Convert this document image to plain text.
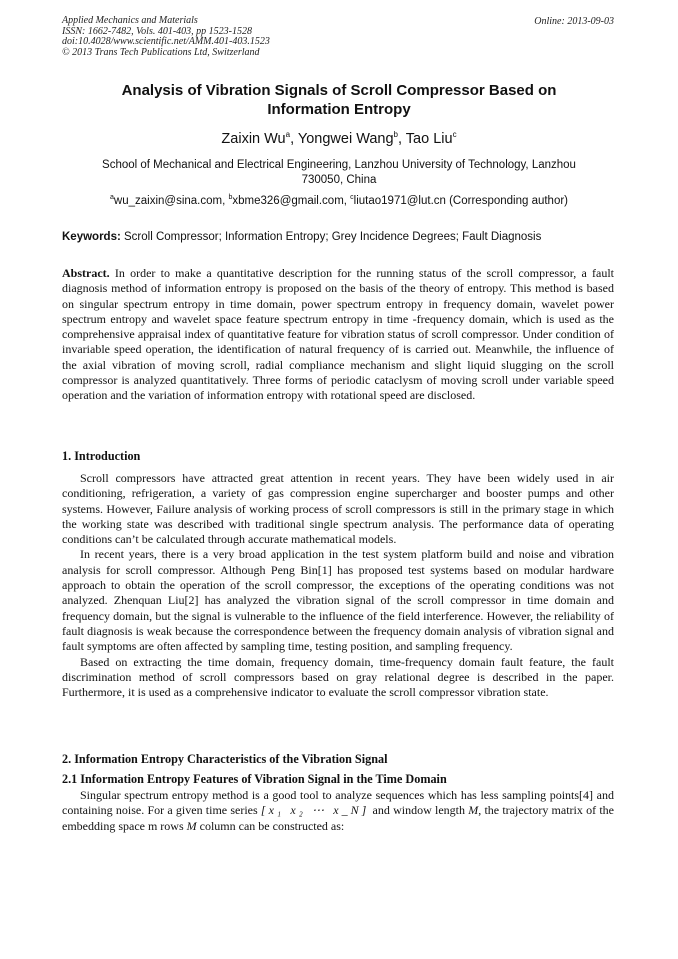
Applied Mechanics and Materials
ISSN: 1662-7482, Vols. 401-403, pp 1523-1528
doi:10.4028/www.scientific.net/AMM.401-403.1523
© 2013 Trans Tech Publications Ltd, Switzerland
Online: 2013-09-03
Analysis of Vibration Signals of Scroll Compressor Based on
Information Entropy
Zaixin Wu$^a$, Yongwei Wang$^b$, Tao Liu$^c$
School of Mechanical and Electrical Engineering, Lanzhou University of Technology, Lanzhou
730050, China
$^a$wu_zaixin@sina.com, $^b$xbme326@gmail.com, $^c$liutao1971@lut.cn (Corresponding author)
Keywords: Scroll Compressor; Information Entropy; Grey Incidence Degrees; Fault Diagnosis
Abstract. In order to make a quantitative description for the running status of the scroll compressor, a fault diagnosis method of information entropy is proposed on the basis of the theory of entropy. This method is based on singular spectrum entropy in time domain, power spectrum entropy in frequency domain, wavelet power spectrum entropy and wavelet space feature spectrum entropy in time -frequency domain, which is used as the comprehensive appraisal index of quantitative feature for vibration status of scroll compressor. Under condition of invariable speed operation, the identification of natural frequency of is carried out. Meanwhile, the influence of the axial vibration of moving scroll, radial compliance mechanism and slight liquid slugging on the scroll compressor is analyzed quantitatively. Three forms of periodic cataclysm of moving scroll under variable speed operation and the variation of information entropy with rotational speed are disclosed.
1. Introduction

Scroll compressors have attracted great attention in recent years. They have been widely used in air conditioning, refrigeration, a variety of gas compression engine supercharger and booster pumps and other systems. However, Failure analysis of working process of scroll compressors is still in the primary stage in which the working state was described with traditional single spectrum analysis. The performance data of operating conditions can’t be calculated through accurate mathematical models.

In recent years, there is a very broad application in the test system platform build and noise and vibration analysis for scroll compressor. Although Peng Bin[1] has proposed test systems based on modular hardware approach to obtain the operation of the scroll compressor, the exceptions of the operating conditions was not analyzed. Zhenquan Liu[2] has analyzed the vibration signal of the scroll compressor in time domain and frequency domain, but the signal is vulnerable to the influence of the field interference. However, the reliability of fault diagnosis is weak because the correspondence between the frequency domain analysis of vibration signal and fault symptoms are often affected by sampling time, testing position, and sampling frequency.

Based on extracting the time domain, frequency domain, time-frequency domain fault feature, the fault discrimination method of scroll compressors based on gray relational degree is described in the paper. Furthermore, it is used as a comprehensive indicator to evaluate the scroll compressor vibration state.

2. Information Entropy Characteristics of the Vibration Signal
2.1 Information Entropy Features of Vibration Signal in the Time Domain

Singular spectrum entropy method is a good tool to analyze sequences which has less sampling points[4] and containing noise. For a given time series [x₁ x₂ ⋯ x_N] and window length M, the trajectory matrix of the embedding space m rows M column can be constructed as:
